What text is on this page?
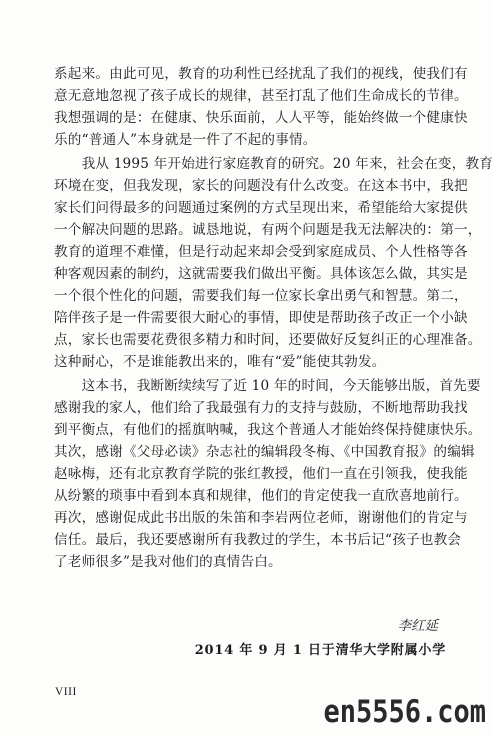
系起来。由此可见，教育的功利性已经扰乱了我们的视线，使我们有
意无意地忽视了孩子成长的规律，甚至打乱了他们生命成长的节律。
我想强调的是：在健康、快乐面前，人人平等，能始终做一个健康快
乐的“普通人”本身就是一件了不起的事情。
　　我从 1995 年开始进行家庭教育的研究。20 年来，社会在变，教育
环境在变，但我发现，家长的问题没有什么改变。在这本书中，我把
家长们问得最多的问题通过案例的方式呈现出来，希望能给大家提供
一个解决问题的思路。诚恳地说，有两个问题是我无法解决的：第一，
教育的道理不难懂，但是行动起来却会受到家庭成员、个人性格等各
种客观因素的制约，这就需要我们做出平衡。具体该怎么做，其实是
一个很个性化的问题，需要我们每一位家长拿出勇气和智慧。第二，
陪伴孩子是一件需要很大耐心的事情，即使是帮助孩子改正一个小缺
点，家长也需要花费很多精力和时间，还要做好反复纠正的心理准备。
这种耐心，不是谁能教出来的，唯有“爱”能使其勃发。
　　这本书，我断断续续写了近 10 年的时间，今天能够出版，首先要
感谢我的家人，他们给了我最强有力的支持与鼓励，不断地帮助我找
到平衡点，有他们的摇旗呐喊，我这个普通人才能始终保持健康快乐。
其次，感谢《父母必读》杂志社的编辑段冬梅、《中国教育报》的编辑
赵咏梅，还有北京教育学院的张红教授，他们一直在引领我，使我能
从纷繁的琐事中看到本真和规律，他们的肯定使我一直欣喜地前行。
再次，感谢促成此书出版的朱笛和李岩两位老师，谢谢他们的肯定与
信任。最后，我还要感谢所有我教过的学生，本书后记“孩子也教会
了老师很多”是我对他们的真情告白。
李红延
2014 年 9 月 1 日于清华大学附属小学
VIII
en5556.com
